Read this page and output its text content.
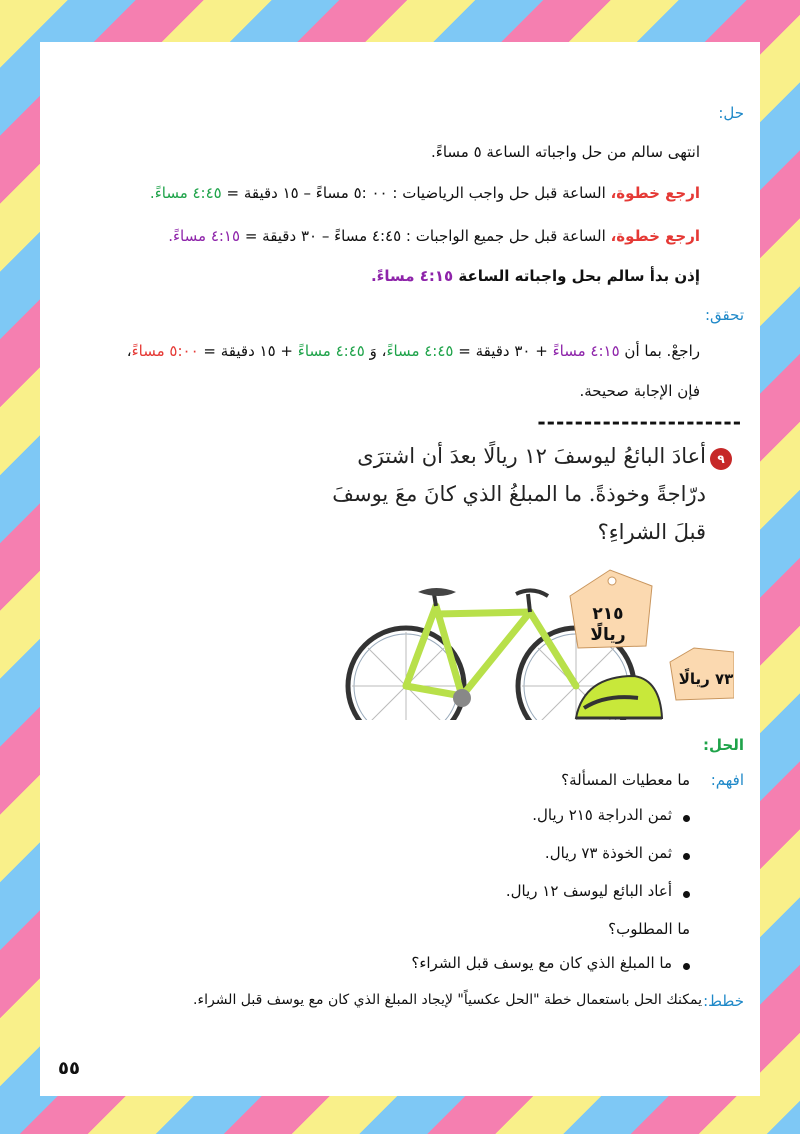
حل:
انتهى سالم من حل واجباته الساعة ٥ مساءً.
ارجع خطوة، الساعة قبل حل واجب الرياضيات : ٠٠ :٥ مساءً – ١٥ دقيقة = ٤:٤٥ مساءً.
ارجع خطوة، الساعة قبل حل جميع الواجبات : ٤:٤٥ مساءً – ٣٠ دقيقة = ٤:١٥ مساءً.
إذن بدأ سالم بحل واجباته الساعة ٤:١٥ مساءً.
تحقق:
راجعْ. بما أن ٤:١٥ مساءً + ٣٠ دقيقة = ٤:٤٥ مساءً، وَ ٤:٤٥ مساءً + ١٥ دقيقة = ٥:٠٠ مساءً،
فإن الإجابة صحيحة.
----------------------
٩
أعادَ البائعُ ليوسفَ ١٢ ريالًا بعدَ أن اشترَى
درّاجةً وخوذةً. ما المبلغُ الذي كانَ معَ يوسفَ
قبلَ الشراءِ؟
٢١٥
ريالًا
٧٣ ريالًا
الحل:
افهم:
ما معطيات المسألة؟
ثمن الدراجة ٢١٥ ريال.
ثمن الخوذة ٧٣ ريال.
أعاد البائع ليوسف ١٢ ريال.
ما المطلوب؟
ما المبلغ الذي كان مع يوسف قبل الشراء؟
خطط:
يمكنك الحل باستعمال خطة "الحل عكسياً" لإيجاد المبلغ الذي كان مع يوسف قبل الشراء.
٥٥
